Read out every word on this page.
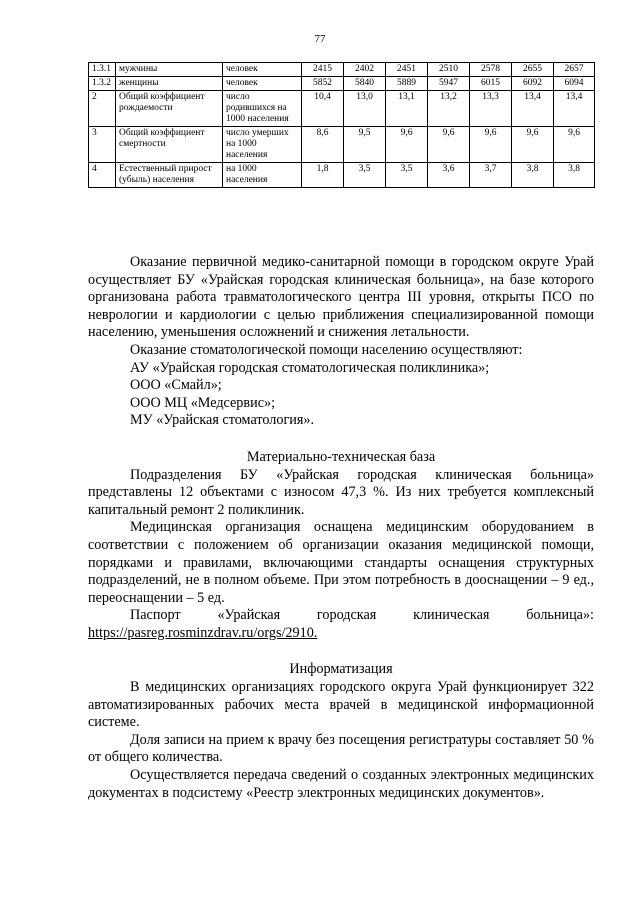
77
1.3.1	мужчины	человек	2415	2402	2451	2510	2578	2655	2657
1.3.2	женщины	человек	5852	5840	5889	5947	6015	6092	6094
2	Общий коэффициент рождаемости	число родившихся на 1000 населения	10,4	13,0	13,1	13,2	13,3	13,4	13,4
3	Общий коэффициент смертности	число умерших на 1000 населения	8,6	9,5	9,6	9,6	9,6	9,6	9,6
4	Естественный прирост (убыль) населения	на 1000 населения	1,8	3,5	3,5	3,6	3,7	3,8	3,8

Оказание первичной медико-санитарной помощи в городском округе Урай осуществляет БУ «Урайская городская клиническая больница», на базе которого организована работа травматологического центра III уровня, открыты ПСО по неврологии и кардиологии с целью приближения специализированной помощи населению, уменьшения осложнений и снижения летальности.

Оказание стоматологической помощи населению осуществляют:

АУ «Урайская городская стоматологическая поликлиника»;

ООО «Смайл»;

ООО МЦ «Медсервис»;

МУ «Урайская стоматология».

Материально-техническая база

Подразделения БУ «Урайская городская клиническая больница» представлены 12 объектами с износом 47,3 %. Из них требуется комплексный капитальный ремонт 2 поликлиник.

Медицинская организация оснащена медицинским оборудованием в соответствии с положением об организации оказания медицинской помощи, порядками и правилами, включающими стандарты оснащения структурных подразделений, не в полном объеме. При этом потребность в дооснащении – 9 ед., переоснащении – 5 ед.

Паспорт «Урайская городская клиническая больница»:

https://pasreg.rosminzdrav.ru/orgs/2910.

Информатизация

В медицинских организациях городского округа Урай функционирует 322 автоматизированных рабочих места врачей в медицинской информационной системе.

Доля записи на прием к врачу без посещения регистратуры составляет 50 % от общего количества.

Осуществляется передача сведений о созданных электронных медицинских документах в подсистему «Реестр электронных медицинских документов».
